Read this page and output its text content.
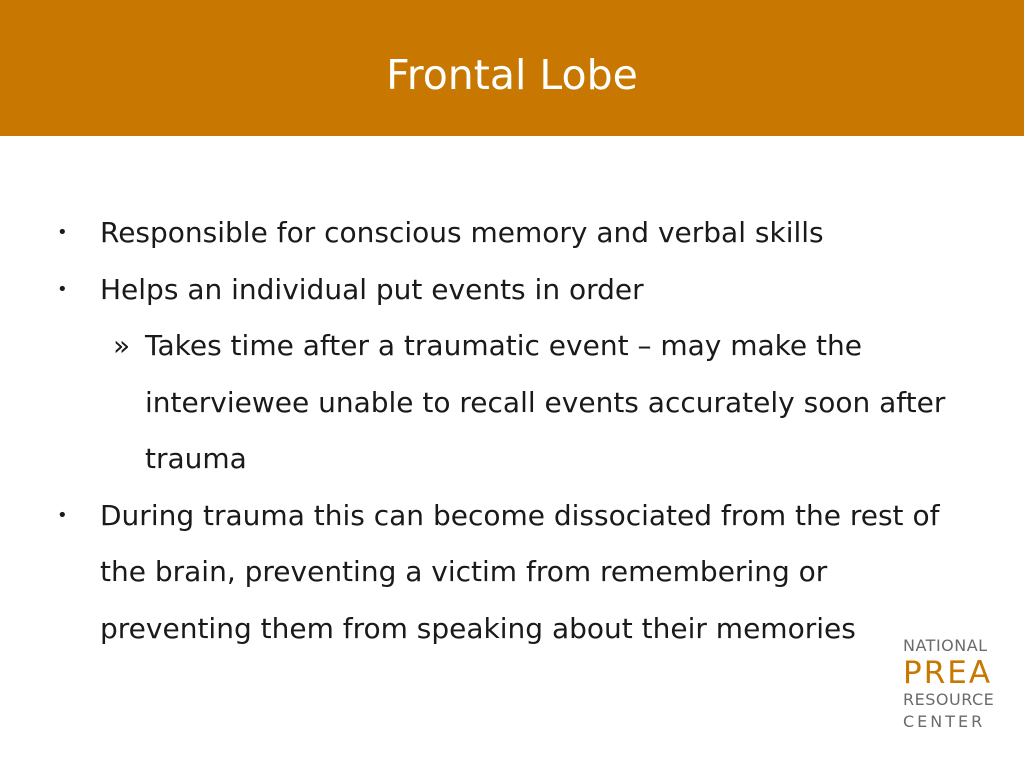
Frontal Lobe
• Responsible for conscious memory and verbal skills
• Helps an individual put events in order
» Takes time after a traumatic event – may make the interviewee unable to recall events accurately soon after trauma
• During trauma this can become dissociated from the rest of the brain, preventing a victim from remembering or preventing them from speaking about their memories
NATIONAL
PREA
RESOURCE
CENTER
